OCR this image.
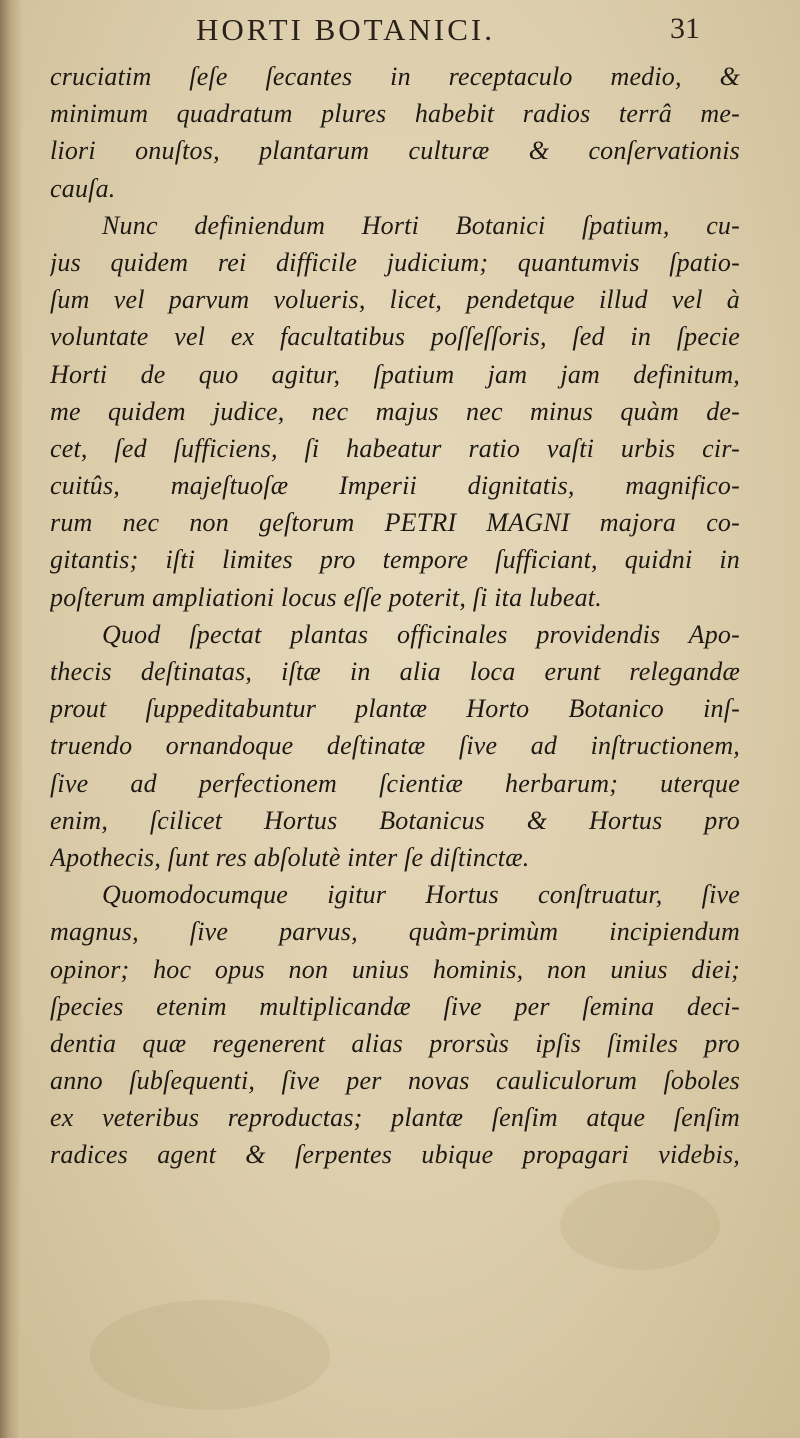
HORTI BOTANICI.	31
cruciatim ſeſe ſecantes in receptaculo medio, &
minimum quadratum plures habebit radios terrâ me-
liori onuſtos, plantarum culturæ & conſervationis
cauſa.
Nunc definiendum Horti Botanici ſpatium, cu-
jus quidem rei difficile judicium; quantumvis ſpatio-
ſum vel parvum volueris, licet, pendetque illud vel à
voluntate vel ex facultatibus poſſeſſoris, ſed in ſpecie
Horti de quo agitur, ſpatium jam jam definitum,
me quidem judice, nec majus nec minus quàm de-
cet, ſed ſufficiens, ſi habeatur ratio vaſti urbis cir-
cuitûs, majeſtuoſæ Imperii dignitatis, magnifico-
rum nec non geſtorum PETRI MAGNI majora co-
gitantis; iſti limites pro tempore ſufficiant, quidni in
poſterum ampliationi locus eſſe poterit, ſi ita lubeat.
Quod ſpectat plantas officinales providendis Apo-
thecis deſtinatas, iſtæ in alia loca erunt relegandæ
prout ſuppeditabuntur plantæ Horto Botanico inſ-
truendo ornandoque deſtinatæ ſive ad inſtructionem,
ſive ad perfectionem ſcientiæ herbarum; uterque
enim, ſcilicet Hortus Botanicus & Hortus pro
Apothecis, ſunt res abſolutè inter ſe diſtinctæ.
Quomodocumque igitur Hortus conſtruatur, ſive
magnus, ſive parvus, quàm-primùm incipiendum
opinor; hoc opus non unius hominis, non unius diei;
ſpecies etenim multiplicandæ ſive per ſemina deci-
dentia quæ regenerent alias prorsùs ipſis ſimiles pro
anno ſubſequenti, ſive per novas cauliculorum ſoboles
ex veteribus reproductas; plantæ ſenſim atque ſenſim
radices agent & ſerpentes ubique propagari videbis,
